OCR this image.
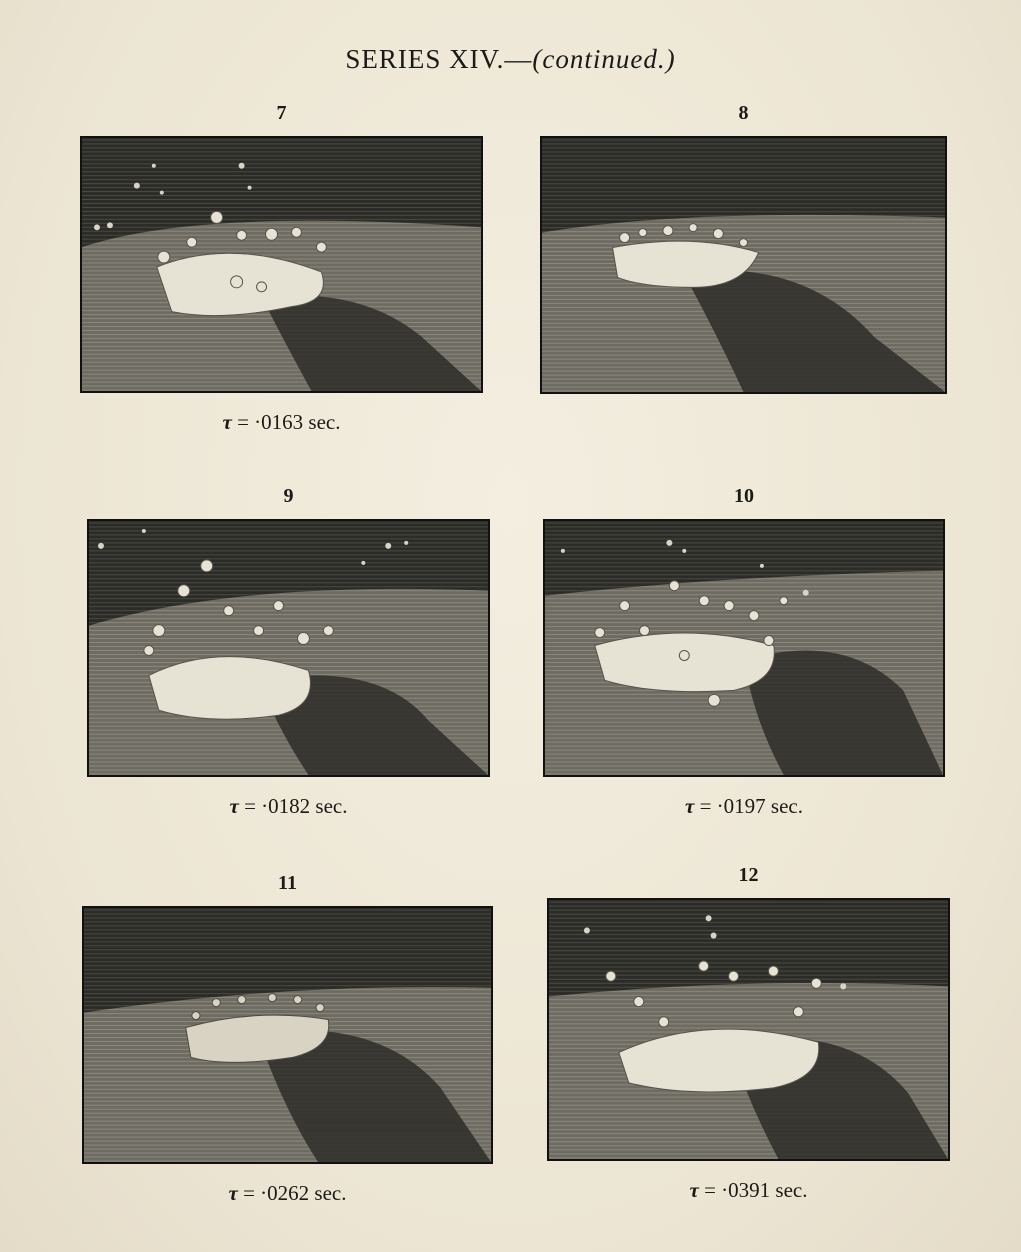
SERIES XIV.—(continued.)
7
τ = ·0163 sec.
8
9
τ = ·0182 sec.
10
τ = ·0197 sec.
11
τ = ·0262 sec.
12
τ = ·0391 sec.
